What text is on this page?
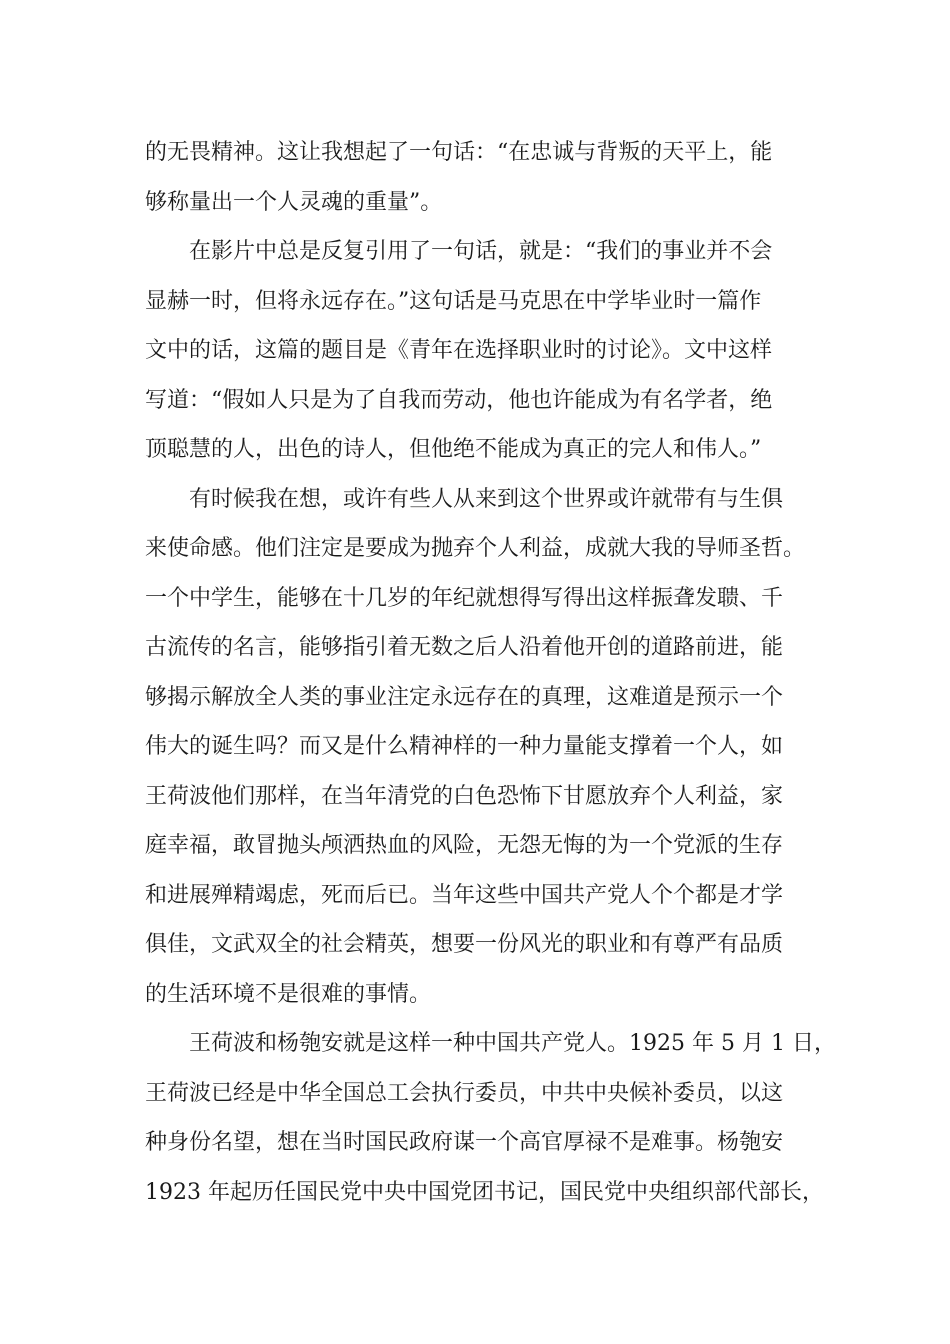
的无畏精神。这让我想起了一句话：“在忠诚与背叛的天平上，能
够称量出一个人灵魂的重量”。
在影片中总是反复引用了一句话，就是：“我们的事业并不会
显赫一时，但将永远存在。”这句话是马克思在中学毕业时一篇作
文中的话，这篇的题目是《青年在选择职业时的讨论》。文中这样
写道：“假如人只是为了自我而劳动，他也许能成为有名学者，绝
顶聪慧的人，出色的诗人，但他绝不能成为真正的完人和伟人。”
有时候我在想，或许有些人从来到这个世界或许就带有与生俱
来使命感。他们注定是要成为抛弃个人利益，成就大我的导师圣哲。
一个中学生，能够在十几岁的年纪就想得写得出这样振聋发聩、千
古流传的名言，能够指引着无数之后人沿着他开创的道路前进，能
够揭示解放全人类的事业注定永远存在的真理，这难道是预示一个
伟大的诞生吗？而又是什么精神样的一种力量能支撑着一个人，如
王荷波他们那样，在当年清党的白色恐怖下甘愿放弃个人利益，家
庭幸福，敢冒抛头颅洒热血的风险，无怨无悔的为一个党派的生存
和进展殚精竭虑，死而后已。当年这些中国共产党人个个都是才学
俱佳，文武双全的社会精英，想要一份风光的职业和有尊严有品质
的生活环境不是很难的事情。
王荷波和杨匏安就是这样一种中国共产党人。1925 年 5 月 1 日，
王荷波已经是中华全国总工会执行委员，中共中央候补委员，以这
种身份名望，想在当时国民政府谋一个高官厚禄不是难事。杨匏安
1923 年起历任国民党中央中国党团书记，国民党中央组织部代部长，
